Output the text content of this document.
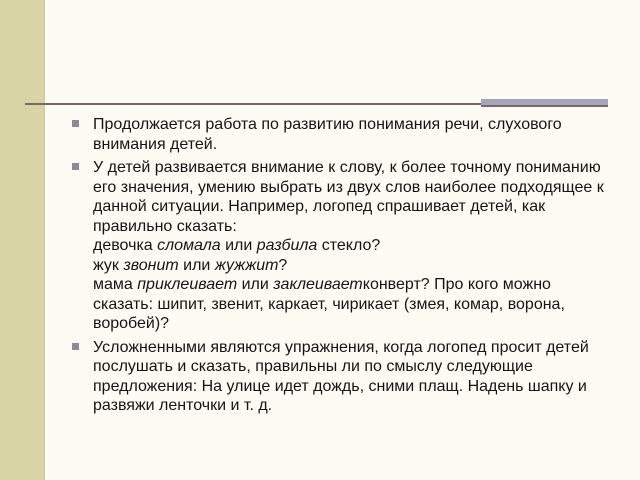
Продолжается работа по развитию понимания речи, слухового внимания детей.
У детей развивается внимание к слову, к более точному пониманию его значения, умению выбрать из двух слов наиболее подходящее к данной ситуации. Например, логопед спрашивает детей, как правильно сказать:
девочка сломала или разбила стекло?
жук звонит или жужжит?
мама приклеивает или заклеиваетконверт? Про кого можно сказать: шипит, звенит, каркает, чирикает (змея, комар, ворона, воробей)?
Усложненными являются упражнения, когда логопед просит детей послушать и сказать, правильны ли по смыслу следующие предложения: На улице идет дождь, сними плащ. Надень шапку и развяжи ленточки и т. д.
